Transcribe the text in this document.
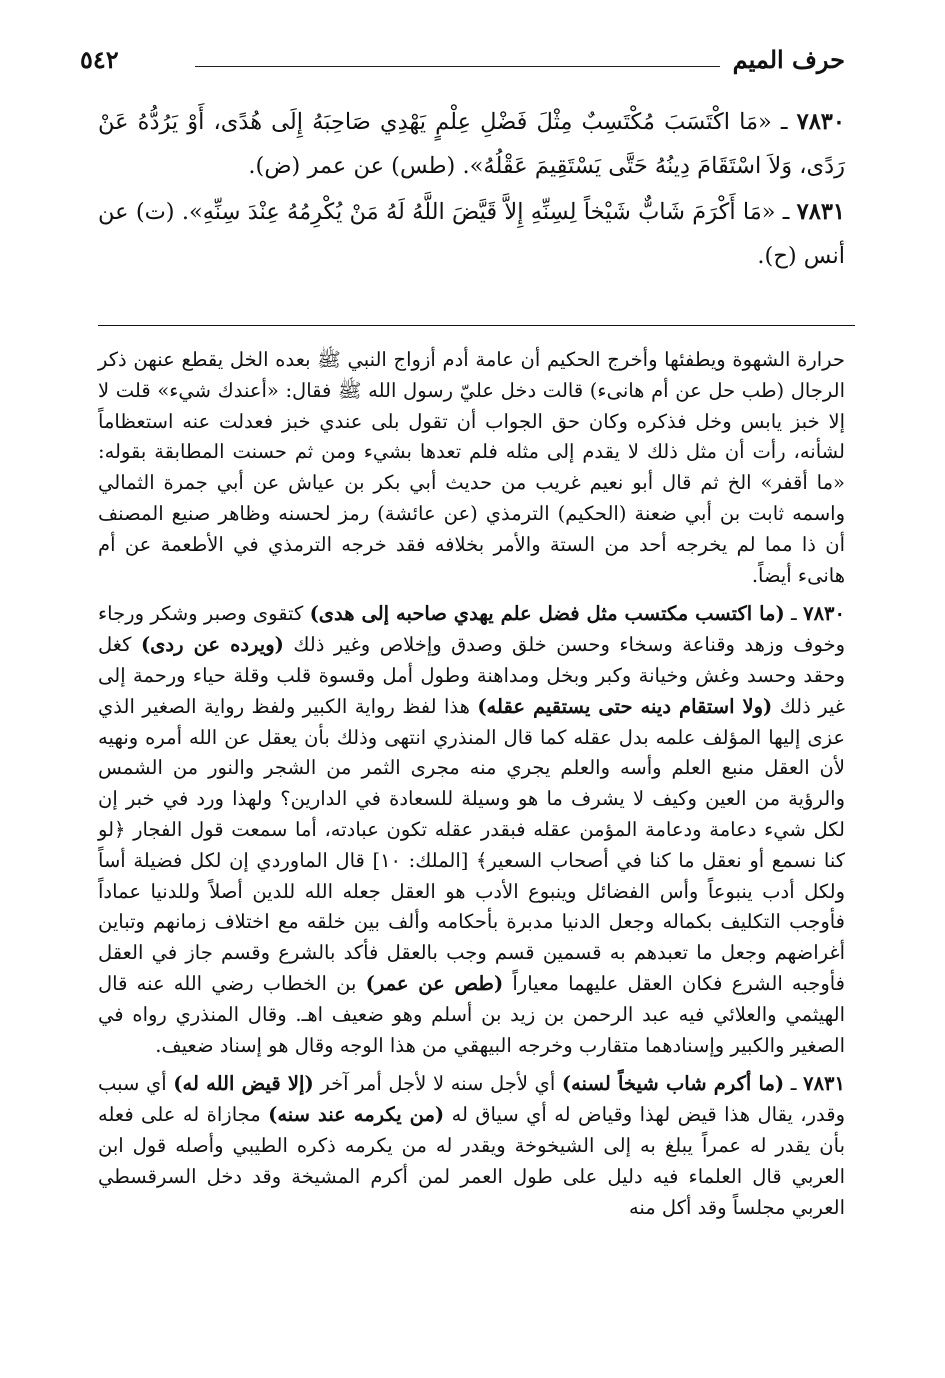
٥٤٢	حرف الميم

٧٨٣٠ ـ «مَا اكْتَسَبَ مُكْتَسِبٌ مِثْلَ فَضْلِ عِلْمٍ يَهْدِي صَاحِبَهُ إِلَى هُدًى، أَوْ يَرُدُّهُ عَنْ رَدًى، وَلاَ اسْتَقَامَ دِينُهُ حَتَّى يَسْتَقِيمَ عَقْلُهُ». (طس) عن عمر (ض).

٧٨٣١ ـ «مَا أَكْرَمَ شَابٌّ شَيْخاً لِسِنِّهِ إِلاَّ قَيَّضَ اللَّهُ لَهُ مَنْ يُكْرِمُهُ عِنْدَ سِنِّهِ». (ت) عن أنس (ح).

حرارة الشهوة ويطفئها وأخرج الحكيم أن عامة أدم أزواج النبي ﷺ بعده الخل يقطع عنهن ذكر الرجال (طب حل عن أم هانىء) قالت دخل عليّ رسول الله ﷺ فقال: «أعندك شيء» قلت لا إلا خبز يابس وخل فذكره وكان حق الجواب أن تقول بلى عندي خبز فعدلت عنه استعظاماً لشأنه، رأت أن مثل ذلك لا يقدم إلى مثله فلم تعدها بشيء ومن ثم حسنت المطابقة بقوله: «ما أقفر» الخ ثم قال أبو نعيم غريب من حديث أبي بكر بن عياش عن أبي جمرة الثمالي واسمه ثابت بن أبي ضعنة (الحكيم) الترمذي (عن عائشة) رمز لحسنه وظاهر صنيع المصنف أن ذا مما لم يخرجه أحد من الستة والأمر بخلافه فقد خرجه الترمذي في الأطعمة عن أم هانىء أيضاً.

٧٨٣٠ ـ (ما اكتسب مكتسب مثل فضل علم يهدي صاحبه إلى هدى) كتقوى وصبر وشكر ورجاء وخوف وزهد وقناعة وسخاء وحسن خلق وصدق وإخلاص وغير ذلك (ويرده عن ردى) كغل وحقد وحسد وغش وخيانة وكبر وبخل ومداهنة وطول أمل وقسوة قلب وقلة حياء ورحمة إلى غير ذلك (ولا استقام دينه حتى يستقيم عقله) هذا لفظ رواية الكبير ولفظ رواية الصغير الذي عزى إليها المؤلف علمه بدل عقله كما قال المنذري انتهى وذلك بأن يعقل عن الله أمره ونهيه لأن العقل منبع العلم وأسه والعلم يجري منه مجرى الثمر من الشجر والنور من الشمس والرؤية من العين وكيف لا يشرف ما هو وسيلة للسعادة في الدارين؟ ولهذا ورد في خبر إن لكل شيء دعامة ودعامة المؤمن عقله فبقدر عقله تكون عبادته، أما سمعت قول الفجار ﴿لو كنا نسمع أو نعقل ما كنا في أصحاب السعير﴾ [الملك: ١٠] قال الماوردي إن لكل فضيلة أساً ولكل أدب ينبوعاً وأس الفضائل وينبوع الأدب هو العقل جعله الله للدين أصلاً وللدنيا عماداً فأوجب التكليف بكماله وجعل الدنيا مدبرة بأحكامه وألف بين خلقه مع اختلاف زمانهم وتباين أغراضهم وجعل ما تعبدهم به قسمين قسم وجب بالعقل فأكد بالشرع وقسم جاز في العقل فأوجبه الشرع فكان العقل عليهما معياراً (طص عن عمر) بن الخطاب رضي الله عنه قال الهيثمي والعلائي فيه عبد الرحمن بن زيد بن أسلم وهو ضعيف اهـ. وقال المنذري رواه في الصغير والكبير وإسنادهما متقارب وخرجه البيهقي من هذا الوجه وقال هو إسناد ضعيف.

٧٨٣١ ـ (ما أكرم شاب شيخاً لسنه) أي لأجل سنه لا لأجل أمر آخر (إلا قيض الله له) أي سبب وقدر، يقال هذا قيض لهذا وقياض له أي سياق له (من يكرمه عند سنه) مجازاة له على فعله بأن يقدر له عمراً يبلغ به إلى الشيخوخة ويقدر له من يكرمه ذكره الطيبي وأصله قول ابن العربي قال العلماء فيه دليل على طول العمر لمن أكرم المشيخة وقد دخل السرقسطي العربي مجلساً وقد أكل منه
